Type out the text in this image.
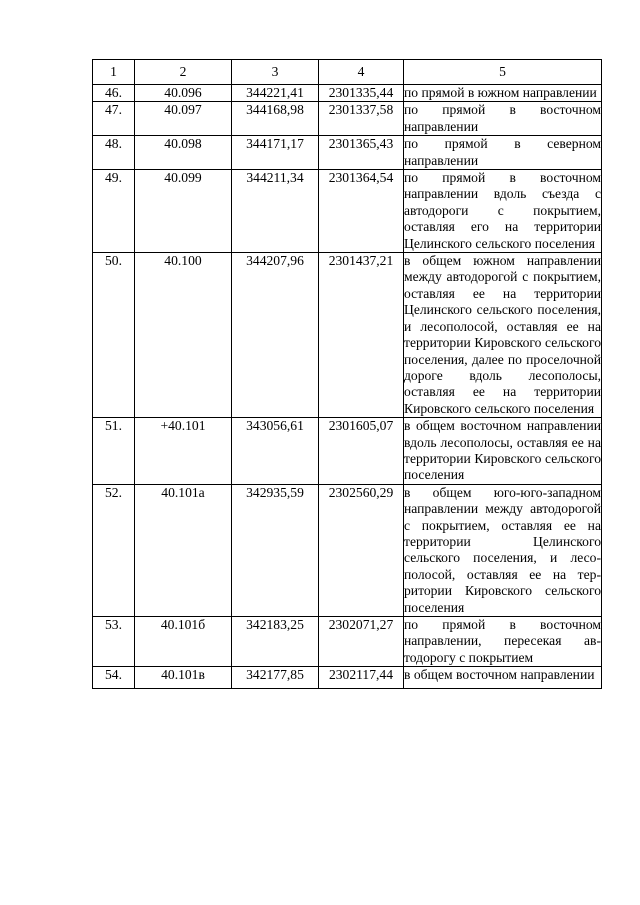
1	2	3	4	5
46.	40.096	344221,41	2301335,44	по прямой в южном направлении
47.	40.097	344168,98	2301337,58	по прямой в восточном направлении
48.	40.098	344171,17	2301365,43	по прямой в северном направлении
49.	40.099	344211,34	2301364,54	по прямой в восточном направлении вдоль съезда с автодороги с покрытием, оставляя его на территории Целинского сельского поселения
50.	40.100	344207,96	2301437,21	в общем южном направлении между автодорогой с покрытием, оставляя ее на территории Целинского сельского поселения, и лесополосой, оставляя ее на территории Кировского сельского поселения, далее по проселочной дороге вдоль лесополосы, оставляя ее на территории Кировского сельского поселения
51.	+40.101	343056,61	2301605,07	в общем восточном направлении вдоль лесополосы, оставляя ее на территории Кировского сельского поселения
52.	40.101а	342935,59	2302560,29	в общем юго-юго-западном направлении между автодорогой с покрытием, оставляя ее на территории Целинского сельского поселения, и лесополосой, оставляя ее на территории Кировского сельского поселения
53.	40.101б	342183,25	2302071,27	по прямой в восточном направлении, пересекая автодорогу с покрытием
54.	40.101в	342177,85	2302117,44	в общем восточном направлении
